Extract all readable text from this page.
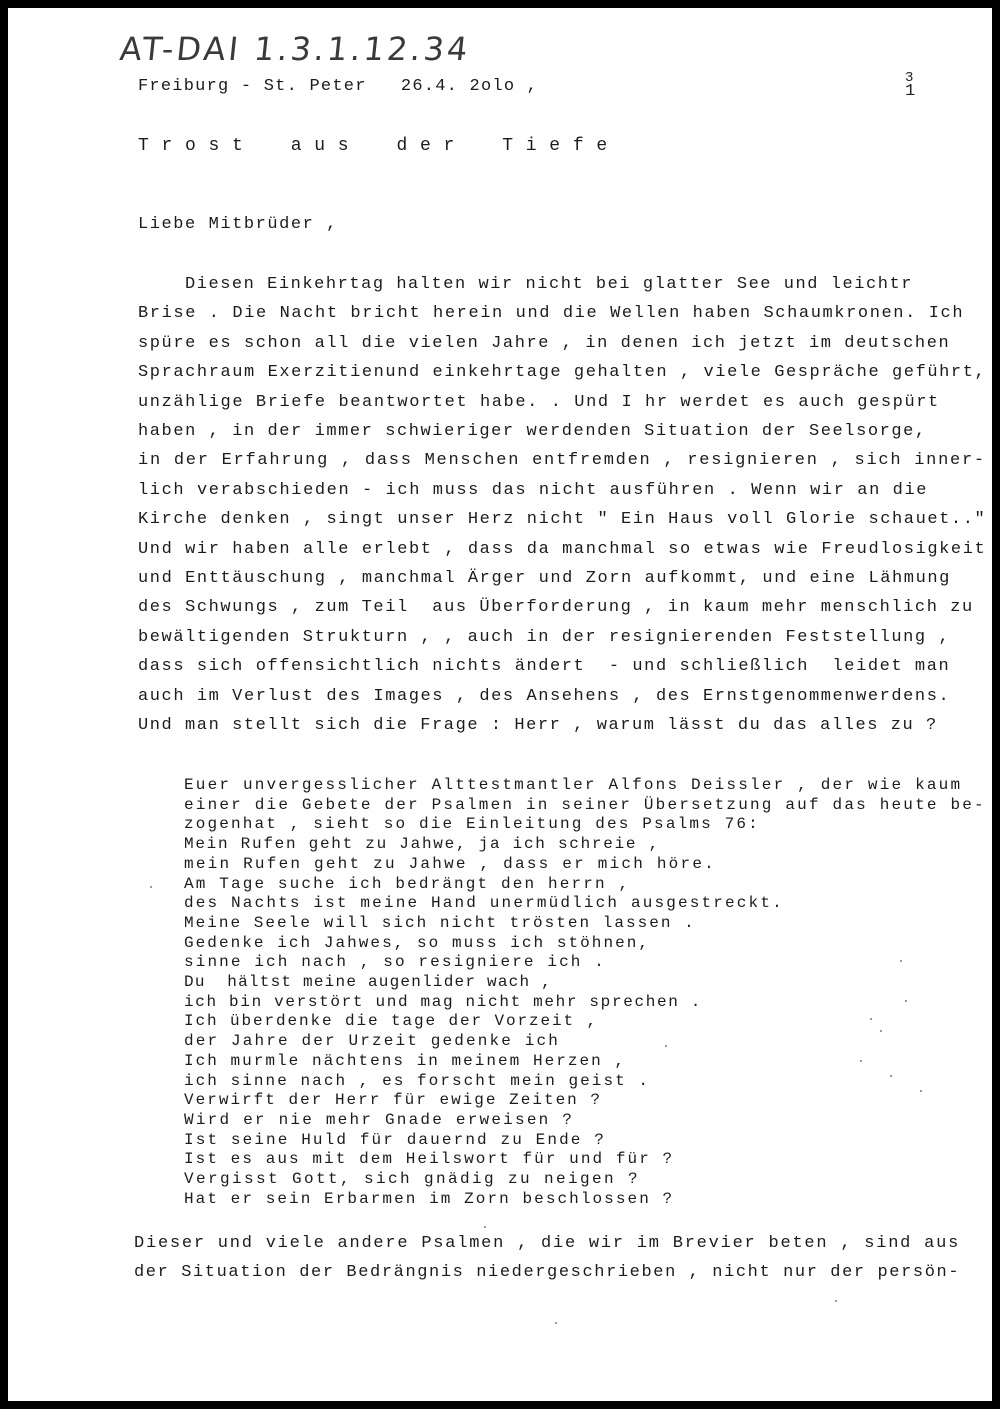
AT-DAI 1.3.1.12.34

3

1

Freiburg - St. Peter   26.4. 2olo ,
T r o s t    a u s    d e r    T i e f e
Liebe Mitbrüder ,
Diesen Einkehrtag halten wir nicht bei glatter See und leichtr
Brise . Die Nacht bricht herein und die Wellen haben Schaumkronen. Ich
spüre es schon all die vielen Jahre , in denen ich jetzt im deutschen
Sprachraum Exerzitienund einkehrtage gehalten , viele Gespräche geführt,
unzählige Briefe beantwortet habe. . Und I hr werdet es auch gespürt
haben , in der immer schwieriger werdenden Situation der Seelsorge,
in der Erfahrung , dass Menschen entfremden , resignieren , sich inner-
lich verabschieden - ich muss das nicht ausführen . Wenn wir an die
Kirche denken , singt unser Herz nicht " Ein Haus voll Glorie schauet.."
Und wir haben alle erlebt , dass da manchmal so etwas wie Freudlosigkeit
und Enttäuschung , manchmal Ärger und Zorn aufkommt, und eine Lähmung
des Schwungs , zum Teil  aus Überforderung , in kaum mehr menschlich zu
bewältigenden Strukturn , , auch in der resignierenden Feststellung ,
dass sich offensichtlich nichts ändert  - und schließlich  leidet man
auch im Verlust des Images , des Ansehens , des Ernstgenommenwerdens.
Und man stellt sich die Frage : Herr , warum lässt du das alles zu ?
Euer unvergesslicher Alttestmantler Alfons Deissler , der wie kaum
einer die Gebete der Psalmen in seiner Übersetzung auf das heute be-
zogenhat , sieht so die Einleitung des Psalms 76:
Mein Rufen geht zu Jahwe, ja ich schreie ,
mein Rufen geht zu Jahwe , dass er mich höre.
Am Tage suche ich bedrängt den herrn ,
des Nachts ist meine Hand unermüdlich ausgestreckt.
Meine Seele will sich nicht trösten lassen .
Gedenke ich Jahwes, so muss ich stöhnen,
sinne ich nach , so resigniere ich .
Du  hältst meine augenlider wach ,
ich bin verstört und mag nicht mehr sprechen .
Ich überdenke die tage der Vorzeit ,
der Jahre der Urzeit gedenke ich
Ich murmle nächtens in meinem Herzen ,
ich sinne nach , es forscht mein geist .
Verwirft der Herr für ewige Zeiten ?
Wird er nie mehr Gnade erweisen ?
Ist seine Huld für dauernd zu Ende ?
Ist es aus mit dem Heilswort für und für ?
Vergisst Gott, sich gnädig zu neigen ?
Hat er sein Erbarmen im Zorn beschlossen ?
Dieser und viele andere Psalmen , die wir im Brevier beten , sind aus
der Situation der Bedrängnis niedergeschrieben , nicht nur der persön-
